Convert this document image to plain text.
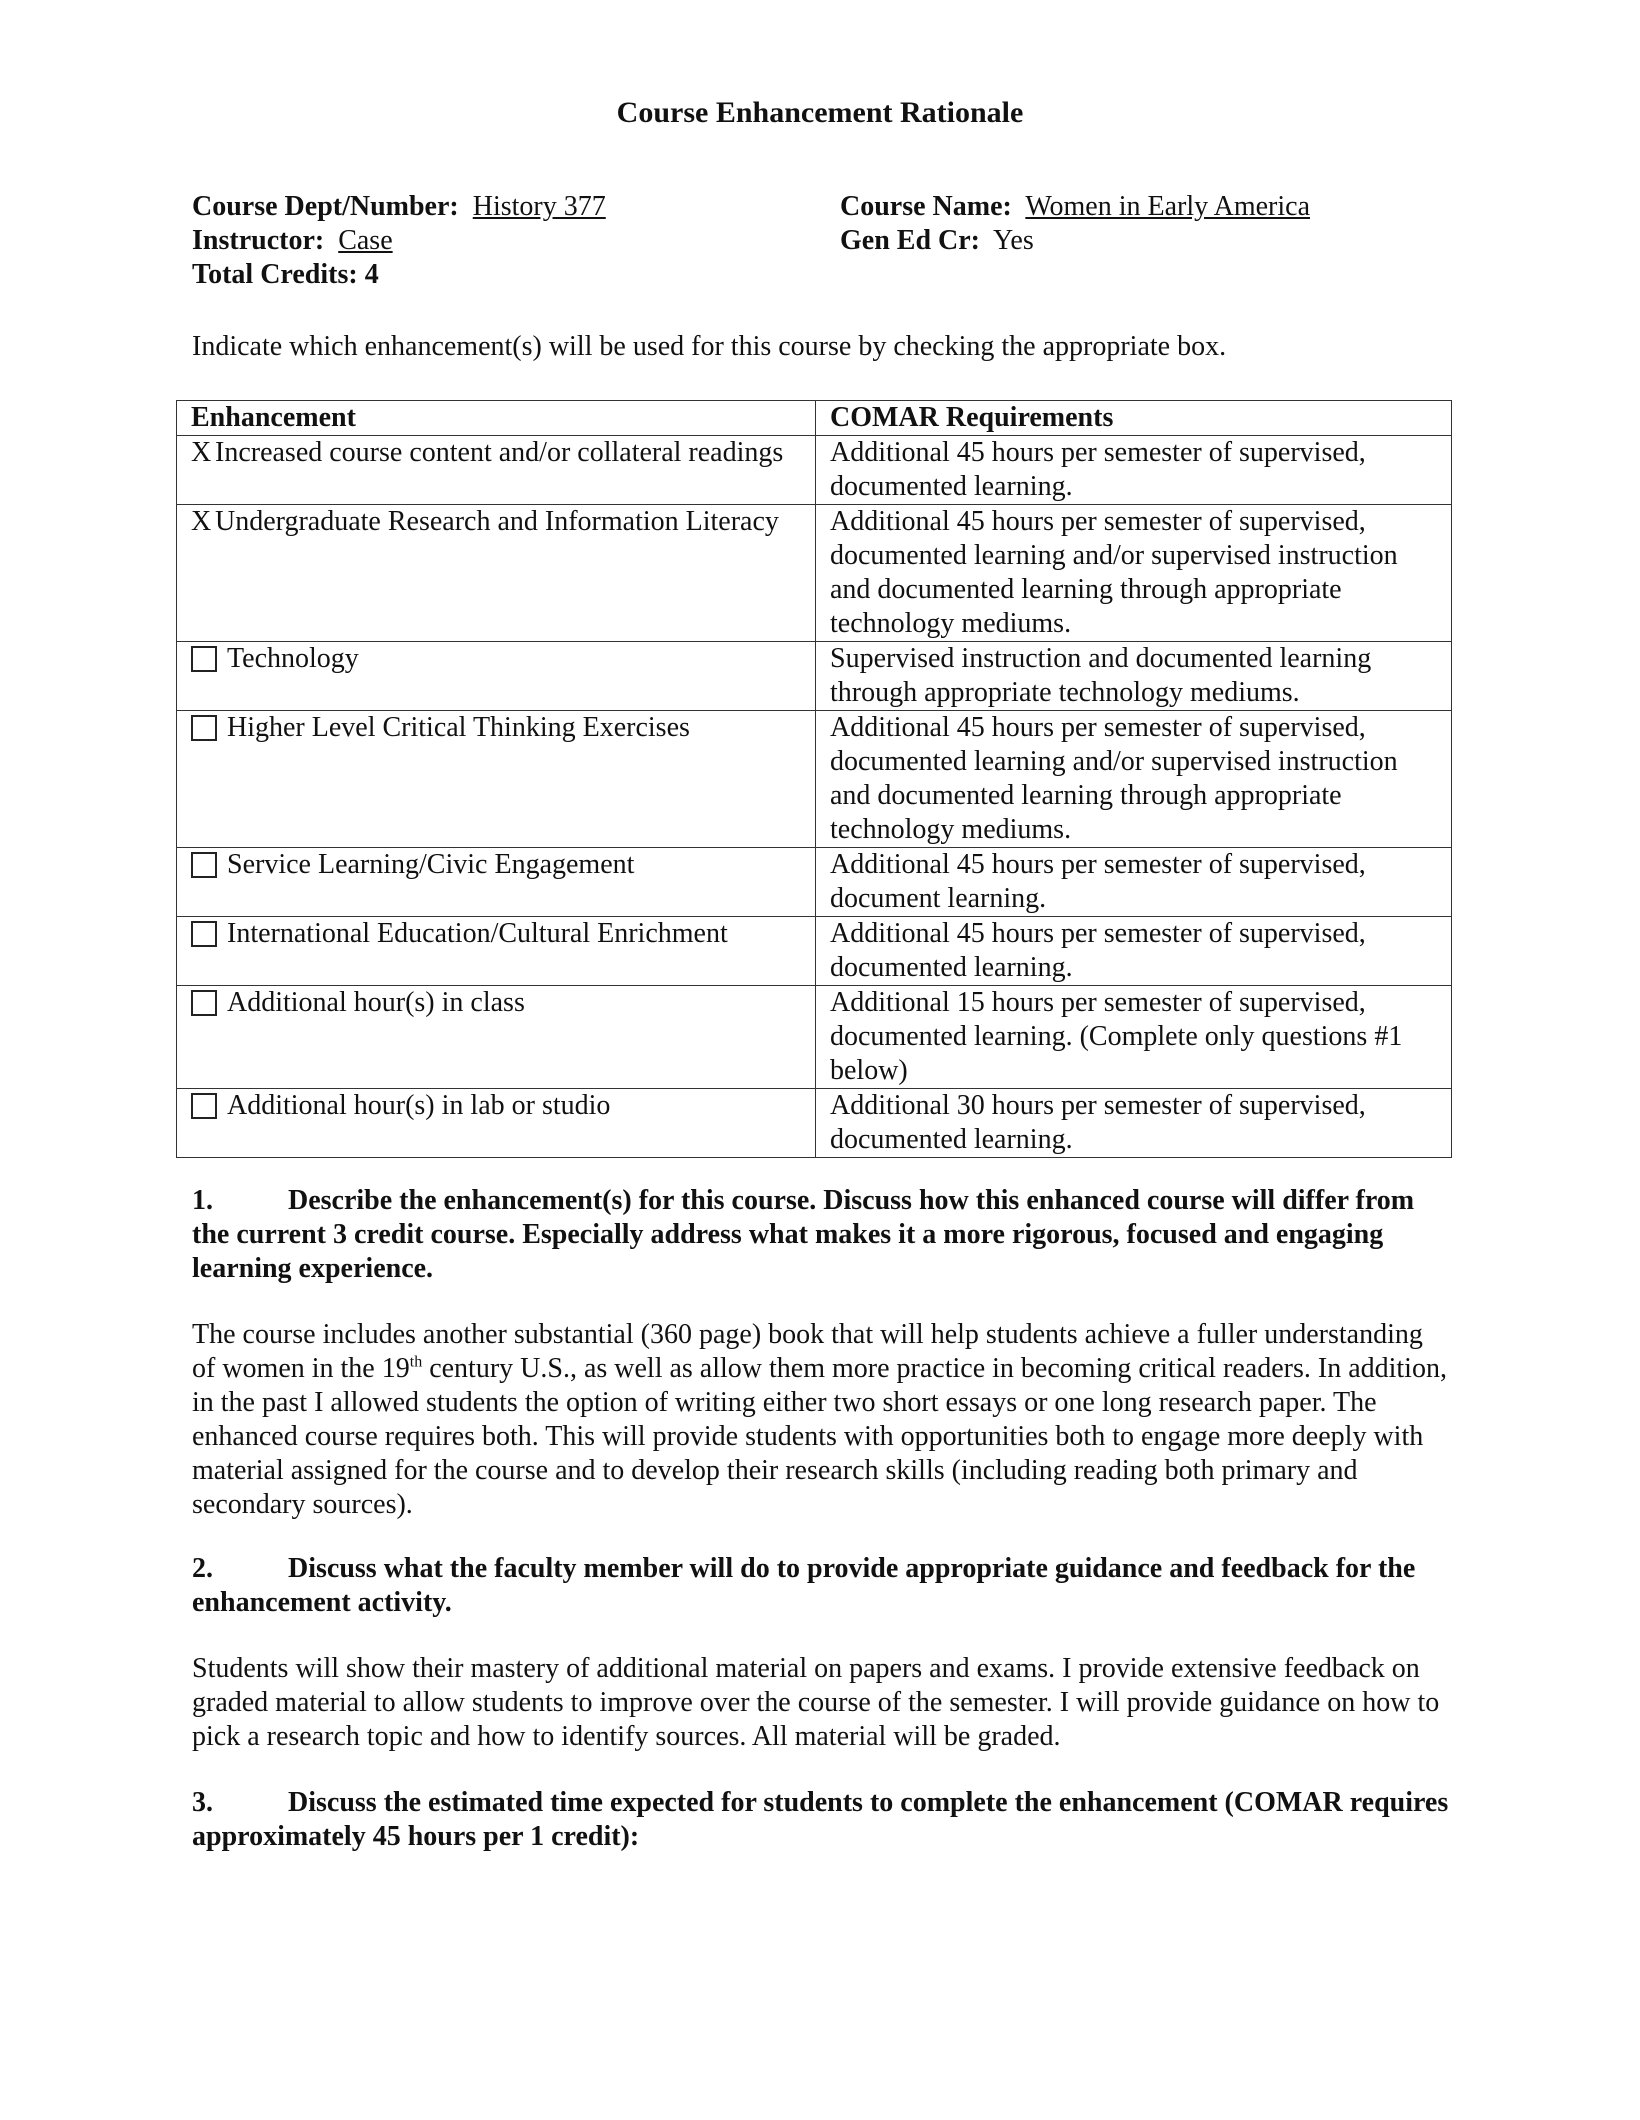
Course Enhancement Rationale
Course Dept/Number: History 377
Instructor: Case
Total Credits: 4
Course Name: Women in Early America
Gen Ed Cr: Yes
Indicate which enhancement(s) will be used for this course by checking the appropriate box.
Enhancement	COMAR Requirements

X Increased course content and/or collateral readings	Additional 45 hours per semester of supervised, documented learning.

X Undergraduate Research and Information Literacy	Additional 45 hours per semester of supervised, documented learning and/or supervised instruction and documented learning through appropriate technology mediums.

Technology	Supervised instruction and documented learning through appropriate technology mediums.

Higher Level Critical Thinking Exercises	Additional 45 hours per semester of supervised, documented learning and/or supervised instruction and documented learning through appropriate technology mediums.

Service Learning/Civic Engagement	Additional 45 hours per semester of supervised, document learning.

International Education/Cultural Enrichment	Additional 45 hours per semester of supervised, documented learning.

Additional hour(s) in class	Additional 15 hours per semester of supervised, documented learning. (Complete only questions #1 below)

Additional hour(s) in lab or studio	Additional 30 hours per semester of supervised, documented learning.
1.	Describe the enhancement(s) for this course. Discuss how this enhanced course will differ from the current 3 credit course. Especially address what makes it a more rigorous, focused and engaging learning experience.
The course includes another substantial (360 page) book that will help students achieve a fuller understanding of women in the 19th century U.S., as well as allow them more practice in becoming critical readers. In addition, in the past I allowed students the option of writing either two short essays or one long research paper. The enhanced course requires both. This will provide students with opportunities both to engage more deeply with material assigned for the course and to develop their research skills (including reading both primary and secondary sources).
2.	Discuss what the faculty member will do to provide appropriate guidance and feedback for the enhancement activity.
Students will show their mastery of additional material on papers and exams. I provide extensive feedback on graded material to allow students to improve over the course of the semester. I will provide guidance on how to pick a research topic and how to identify sources. All material will be graded.
3.	Discuss the estimated time expected for students to complete the enhancement (COMAR requires approximately 45 hours per 1 credit):
